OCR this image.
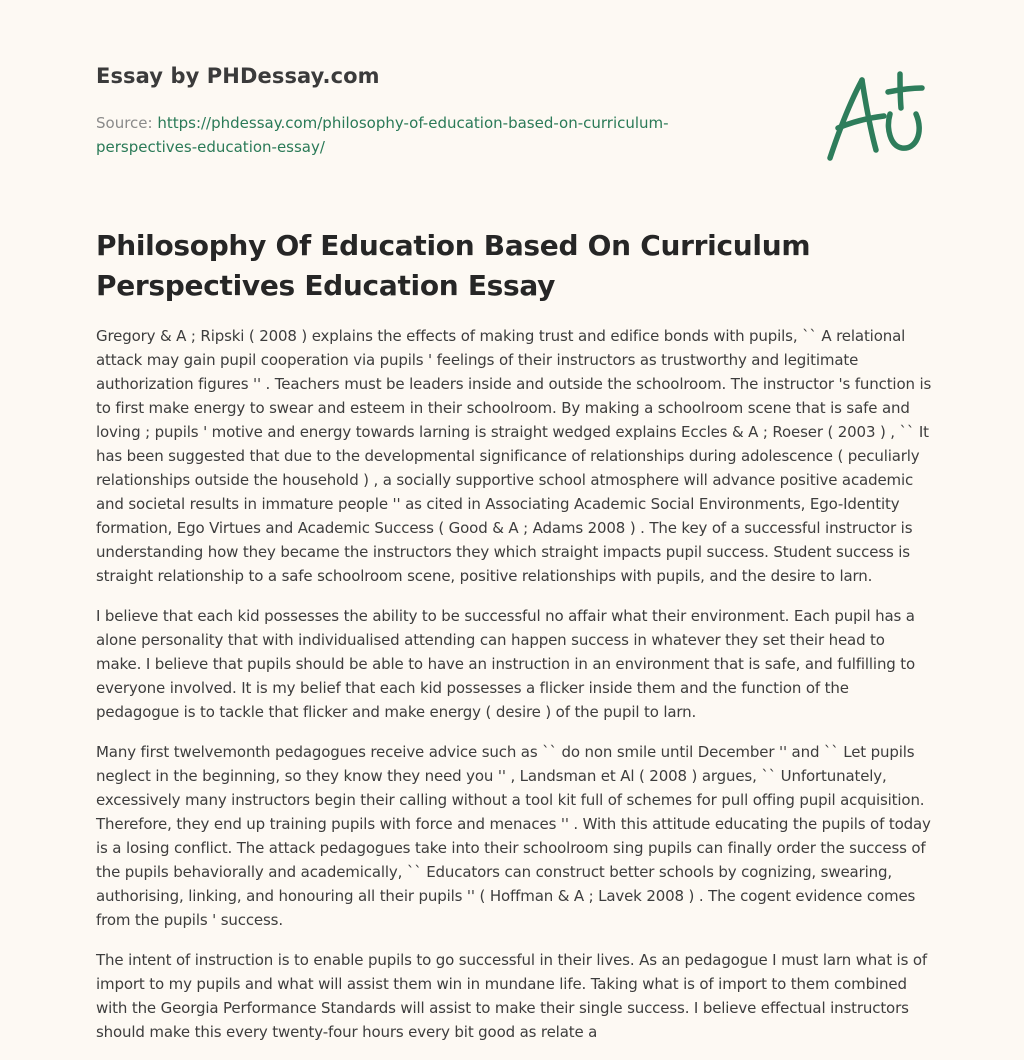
Essay by PHDessay.com
Source: https://phdessay.com/philosophy-of-education-based-on-curriculum-perspectives-education-essay/
Philosophy Of Education Based On Curriculum Perspectives Education Essay

Gregory & A ; Ripski ( 2008 ) explains the effects of making trust and edifice bonds with pupils, `` A relational attack may gain pupil cooperation via pupils ' feelings of their instructors as trustworthy and legitimate authorization figures '' . Teachers must be leaders inside and outside the schoolroom. The instructor 's function is to first make energy to swear and esteem in their schoolroom. By making a schoolroom scene that is safe and loving ; pupils ' motive and energy towards larning is straight wedged explains Eccles & A ; Roeser ( 2003 ) , `` It has been suggested that due to the developmental significance of relationships during adolescence ( peculiarly relationships outside the household ) , a socially supportive school atmosphere will advance positive academic and societal results in immature people '' as cited in Associating Academic Social Environments, Ego-Identity formation, Ego Virtues and Academic Success ( Good & A ; Adams 2008 ) . The key of a successful instructor is understanding how they became the instructors they which straight impacts pupil success. Student success is straight relationship to a safe schoolroom scene, positive relationships with pupils, and the desire to larn.

I believe that each kid possesses the ability to be successful no affair what their environment. Each pupil has a alone personality that with individualised attending can happen success in whatever they set their head to make. I believe that pupils should be able to have an instruction in an environment that is safe, and fulfilling to everyone involved. It is my belief that each kid possesses a flicker inside them and the function of the pedagogue is to tackle that flicker and make energy ( desire ) of the pupil to larn.

Many first twelvemonth pedagogues receive advice such as `` do non smile until December '' and `` Let pupils neglect in the beginning, so they know they need you '' , Landsman et Al ( 2008 ) argues, `` Unfortunately, excessively many instructors begin their calling without a tool kit full of schemes for pull offing pupil acquisition. Therefore, they end up training pupils with force and menaces '' . With this attitude educating the pupils of today is a losing conflict. The attack pedagogues take into their schoolroom sing pupils can finally order the success of the pupils behaviorally and academically, `` Educators can construct better schools by cognizing, swearing, authorising, linking, and honouring all their pupils '' ( Hoffman & A ; Lavek 2008 ) . The cogent evidence comes from the pupils ' success.

The intent of instruction is to enable pupils to go successful in their lives. As an pedagogue I must larn what is of import to my pupils and what will assist them win in mundane life. Taking what is of import to them combined with the Georgia Performance Standards will assist to make their single success. I believe effectual instructors should make this every twenty-four hours every bit good as relate a
